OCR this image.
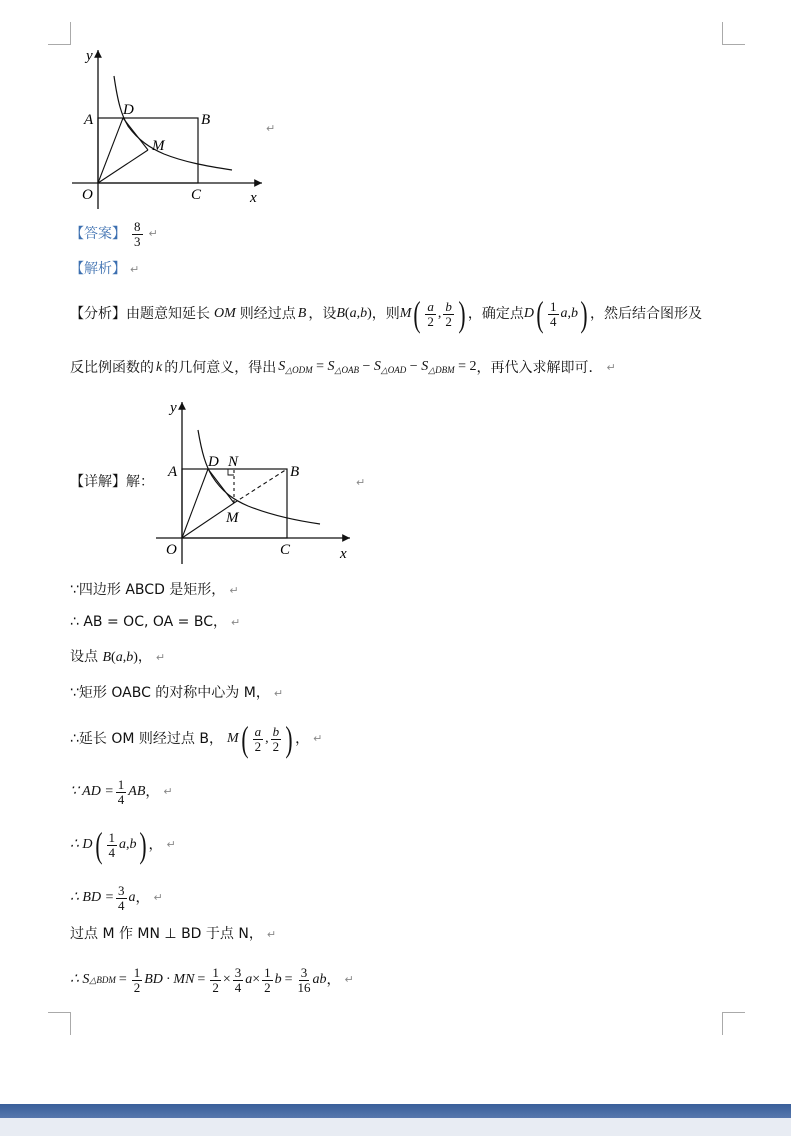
y
A
D
B
M
O	C	x
↵
【答案】 $\frac{8}{3}$ ↵
【解析】 ↵
【分析】 由题意知延长 OM 则经过点 B ，设 B ( a , b ) ，则 M ( $\frac{a}{2}$ , $\frac{b}{2}$ ) ，确定点 D ( $\frac{1}{4}$ a , b ) ，然后结合图形及
反比例函数的 k 的几何意义，得出 $S_{\triangle ODM} = S_{\triangle OAB} - S_{\triangle OAD} - S_{\triangle DBM} = 2$ ，再代入求解即可． ↵
【详解】解：
y
A
D N
B
M
O	C	x
↵
∵四边形 ABCD 是矩形， ↵
∴ AB = OC, OA = BC， ↵
设点 B(a,b)， ↵
∵矩形 OABC 的对称中心为 M， ↵
∴延长 OM 则经过点 B， M ( $\frac{a}{2}$ , $\frac{b}{2}$ ) ， ↵
∵ AD = $\frac{1}{4}$ AB ， ↵
∴ D ( $\frac{1}{4}$ a , b ) ， ↵
∴ BD = $\frac{3}{4}$ a ， ↵
过点 M 作 MN ⊥ BD 于点 N， ↵
∴ S △BDM = $\frac{1}{2}$ BD · MN = $\frac{1}{2} \times \frac{3}{4}$ $a \times \frac{1}{2}$ $b = \frac{3}{16}$ ab ， ↵
